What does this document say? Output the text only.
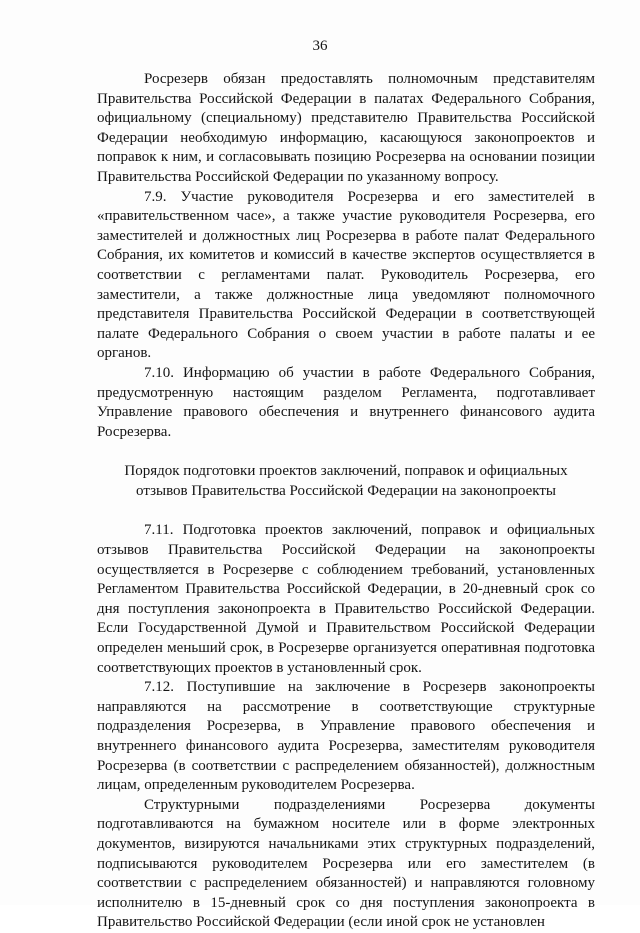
36

Росрезерв обязан предоставлять полномочным представителям Правительства Российской Федерации в палатах Федерального Собрания, официальному (специальному) представителю Правительства Российской Федерации необходимую информацию, касающуюся законопроектов и поправок к ним, и согласовывать позицию Росрезерва на основании позиции Правительства Российской Федерации по указанному вопросу.

7.9. Участие руководителя Росрезерва и его заместителей в «правительственном часе», а также участие руководителя Росрезерва, его заместителей и должностных лиц Росрезерва в работе палат Федерального Собрания, их комитетов и комиссий в качестве экспертов осуществляется в соответствии с регламентами палат. Руководитель Росрезерва, его заместители, а также должностные лица уведомляют полномочного представителя Правительства Российской Федерации в соответствующей палате Федерального Собрания о своем участии в работе палаты и ее органов.

7.10. Информацию об участии в работе Федерального Собрания, предусмотренную настоящим разделом Регламента, подготавливает Управление правового обеспечения и внутреннего финансового аудита Росрезерва.

Порядок подготовки проектов заключений, поправок и официальных
отзывов Правительства Российской Федерации на законопроекты

7.11. Подготовка проектов заключений, поправок и официальных отзывов Правительства Российской Федерации на законопроекты осуществляется в Росрезерве с соблюдением требований, установленных Регламентом Правительства Российской Федерации, в 20-дневный срок со дня поступления законопроекта в Правительство Российской Федерации. Если Государственной Думой и Правительством Российской Федерации определен меньший срок, в Росрезерве организуется оперативная подготовка соответствующих проектов в установленный срок.

7.12. Поступившие на заключение в Росрезерв законопроекты направляются на рассмотрение в соответствующие структурные подразделения Росрезерва, в Управление правового обеспечения и внутреннего финансового аудита Росрезерва, заместителям руководителя Росрезерва (в соответствии с распределением обязанностей), должностным лицам, определенным руководителем Росрезерва.

Структурными подразделениями Росрезерва документы подготавливаются на бумажном носителе или в форме электронных документов, визируются начальниками этих структурных подразделений, подписываются руководителем Росрезерва или его заместителем (в соответствии с распределением обязанностей) и направляются головному исполнителю в 15-дневный срок со дня поступления законопроекта в Правительство Российской Федерации (если иной срок не установлен
